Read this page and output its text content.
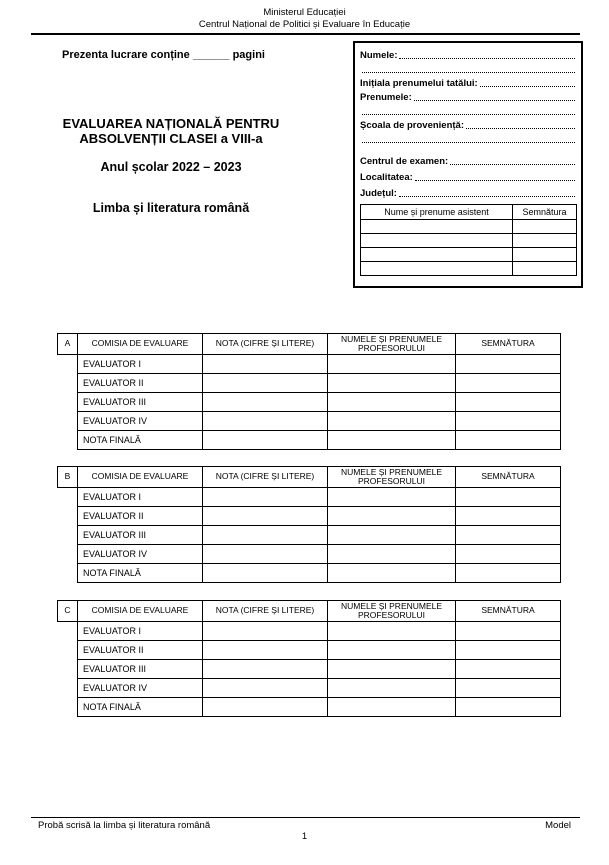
Ministerul Educației
Centrul Național de Politici și Evaluare în Educație
Prezenta lucrare conține ______ pagini
EVALUAREA NAȚIONALĂ PENTRU
ABSOLVENȚII CLASEI a VIII-a
Anul școlar 2022 – 2023
Limba și literatura română
Numele:
Inițiala prenumelui tatălui:
Prenumele:
Școala de proveniență:
Centrul de examen:
Localitatea:
Județul:
Nume și prenume asistent	Semnătura

A	COMISIA DE EVALUARE	NOTA (CIFRE ȘI LITERE)	NUMELE ȘI PRENUMELE PROFESORULUI	SEMNĂTURA
EVALUATOR I
EVALUATOR II
EVALUATOR III
EVALUATOR IV
NOTA FINALĂ
B	COMISIA DE EVALUARE	NOTA (CIFRE ȘI LITERE)	NUMELE ȘI PRENUMELE PROFESORULUI	SEMNĂTURA
EVALUATOR I
EVALUATOR II
EVALUATOR III
EVALUATOR IV
NOTA FINALĂ
C	COMISIA DE EVALUARE	NOTA (CIFRE ȘI LITERE)	NUMELE ȘI PRENUMELE PROFESORULUI	SEMNĂTURA
EVALUATOR I
EVALUATOR II
EVALUATOR III
EVALUATOR IV
NOTA FINALĂ
Probă scrisă la limba și literatura română	Model
1
